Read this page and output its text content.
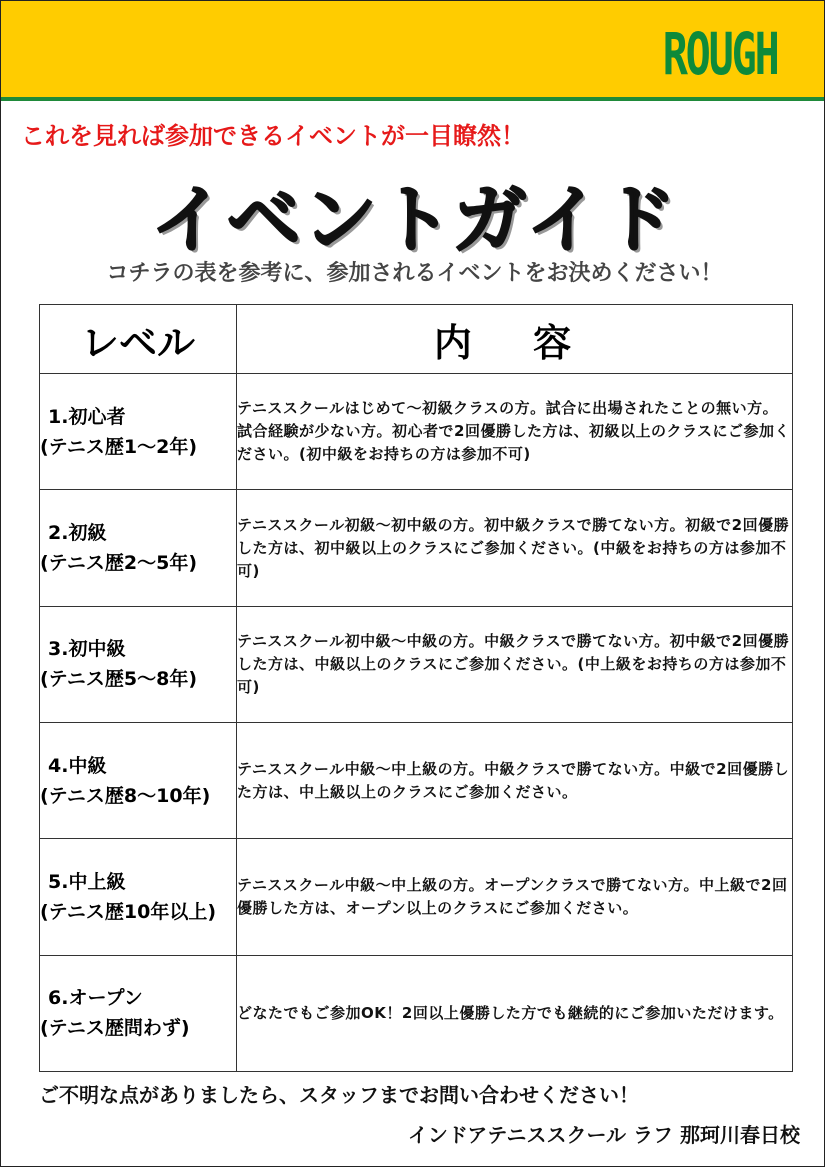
ROUGH
これを見れば参加できるイベントが一目瞭然！
イベントガイド
コチラの表を参考に、参加されるイベントをお決めください！
レベル	内 容

1.初心者
(テニス歴1～2年)	テニススクールはじめて～初級クラスの方。試合に出場されたことの無い方。試合経験が少ない方。初心者で2回優勝した方は、初級以上のクラスにご参加ください。(初中級をお持ちの方は参加不可)

2.初級
(テニス歴2～5年)	テニススクール初級～初中級の方。初中級クラスで勝てない方。初級で2回優勝した方は、初中級以上のクラスにご参加ください。(中級をお持ちの方は参加不可)

3.初中級
(テニス歴5～8年)	テニススクール初中級～中級の方。中級クラスで勝てない方。初中級で2回優勝した方は、中級以上のクラスにご参加ください。(中上級をお持ちの方は参加不可)

4.中級
(テニス歴8～10年)	テニススクール中級～中上級の方。中級クラスで勝てない方。中級で2回優勝した方は、中上級以上のクラスにご参加ください。

5.中上級
(テニス歴10年以上)	テニススクール中級～中上級の方。オープンクラスで勝てない方。中上級で2回優勝した方は、オープン以上のクラスにご参加ください。

6.オープン
(テニス歴問わず)	どなたでもご参加OK！2回以上優勝した方でも継続的にご参加いただけます。
ご不明な点がありましたら、スタッフまでお問い合わせください！
インドアテニススクール ラフ 那珂川春日校
